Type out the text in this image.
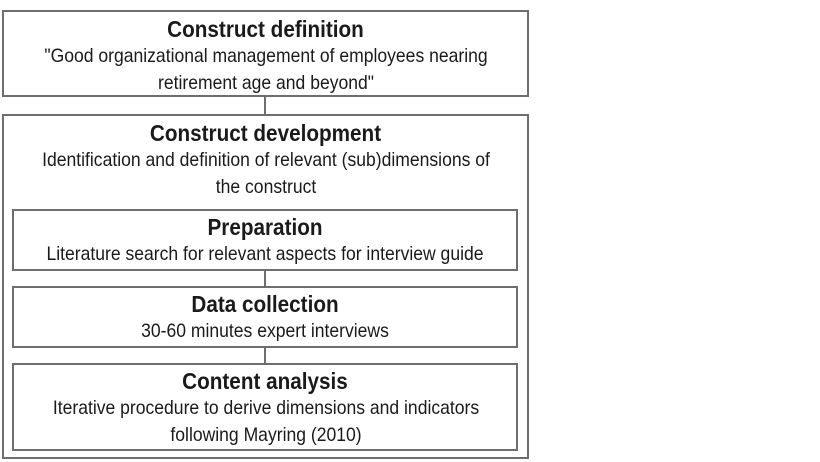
Construct definition
"Good organizational management of employees nearing
retirement age and beyond"
Construct development
Identification and definition of relevant (sub)dimensions of
the construct
Preparation
Literature search for relevant aspects for interview guide
Data collection
30-60 minutes expert interviews
Content analysis
Iterative procedure to derive dimensions and indicators
following Mayring (2010)
